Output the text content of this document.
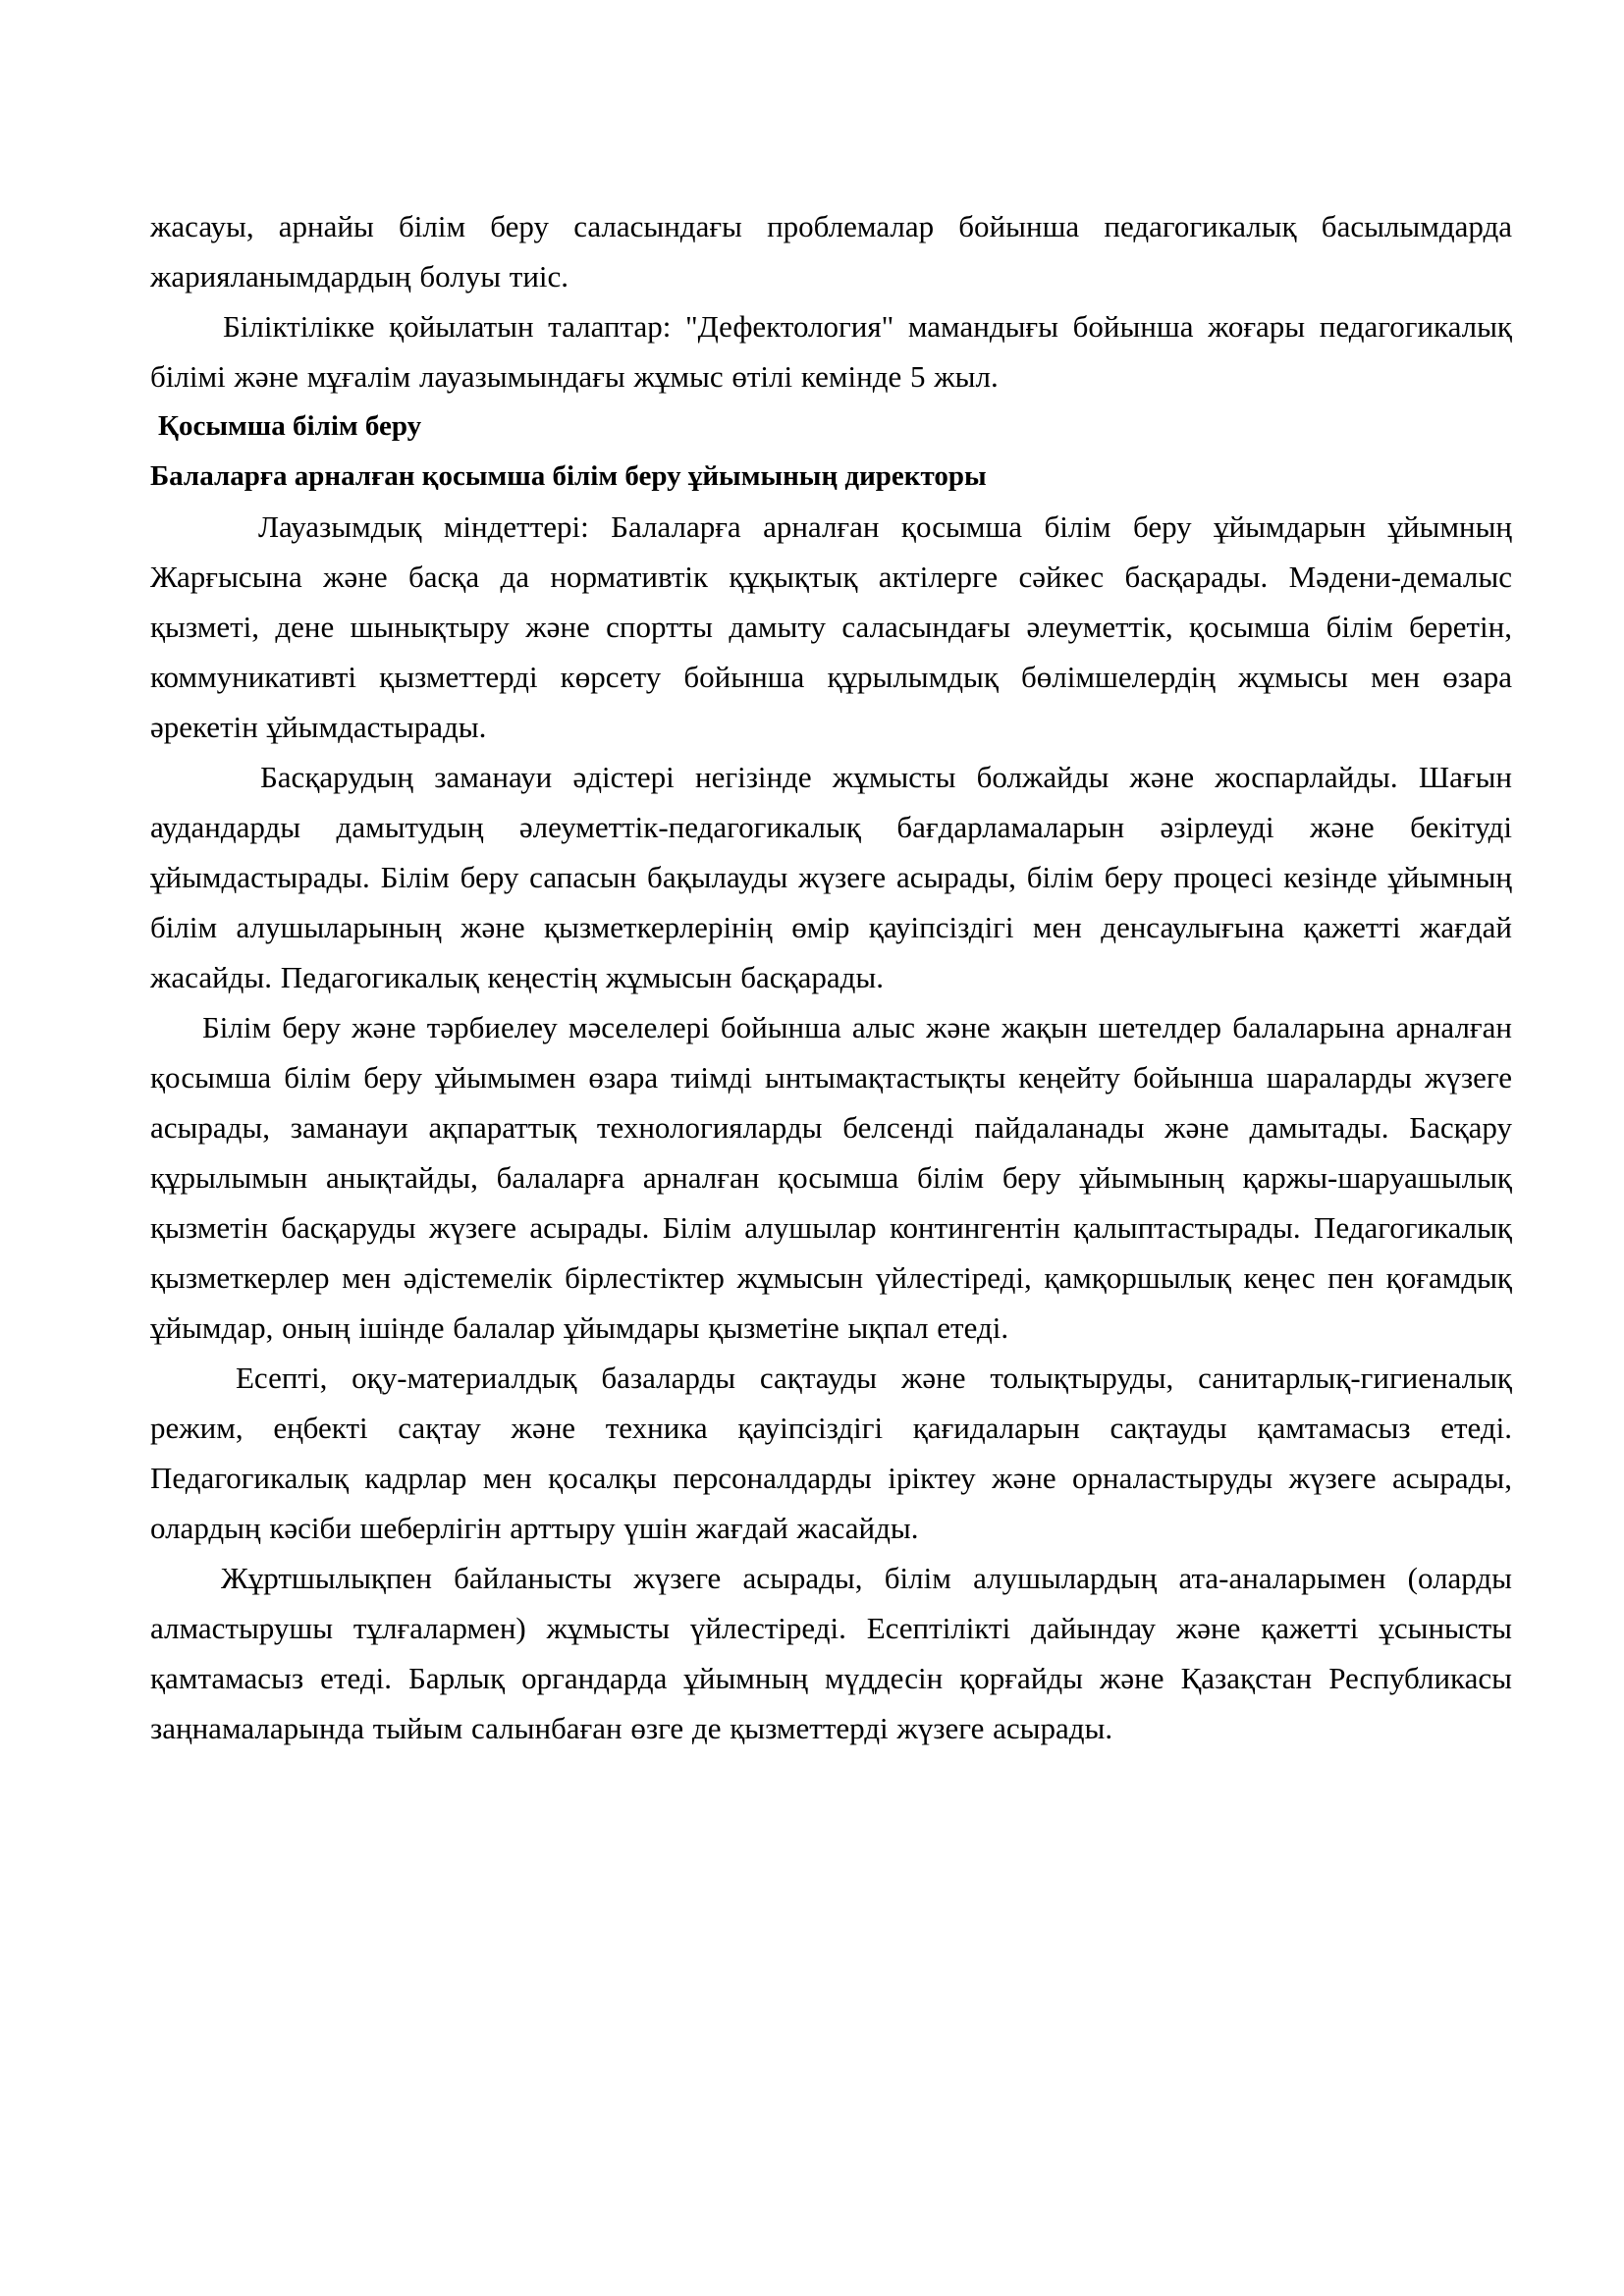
жасауы, арнайы білім беру саласындағы проблемалар бойынша педагогикалық басылымдарда жарияланымдардың болуы тиіс.

Біліктілікке қойылатын талаптар: "Дефектология" мамандығы бойынша жоғары педагогикалық білімі және мұғалім лауазымындағы жұмыс өтілі кемінде 5 жыл.

Қосымша білім беру

Балаларға арналған қосымша білім беру ұйымының директоры

Лауазымдық міндеттері: Балаларға арналған қосымша білім беру ұйымдарын ұйымның Жарғысына және басқа да нормативтік құқықтық актілерге сәйкес басқарады. Мәдени-демалыс қызметі, дене шынықтыру және спортты дамыту саласындағы әлеуметтік, қосымша білім беретін, коммуникативті қызметтерді көрсету бойынша құрылымдық бөлімшелердің жұмысы мен өзара әрекетін ұйымдастырады.

Басқарудың заманауи әдістері негізінде жұмысты болжайды және жоспарлайды. Шағын аудандарды дамытудың әлеуметтік-педагогикалық бағдарламаларын әзірлеуді және бекітуді ұйымдастырады. Білім беру сапасын бақылауды жүзеге асырады, білім беру процесі кезінде ұйымның білім алушыларының және қызметкерлерінің өмір қауіпсіздігі мен денсаулығына қажетті жағдай жасайды. Педагогикалық кеңестің жұмысын басқарады.

Білім беру және тәрбиелеу мәселелері бойынша алыс және жақын шетелдер балаларына арналған қосымша білім беру ұйымымен өзара тиімді ынтымақтастықты кеңейту бойынша шараларды жүзеге асырады, заманауи ақпараттық технологияларды белсенді пайдаланады және дамытады. Басқару құрылымын анықтайды, балаларға арналған қосымша білім беру ұйымының қаржы-шаруашылық қызметін басқаруды жүзеге асырады. Білім алушылар контингентін қалыптастырады. Педагогикалық қызметкерлер мен әдістемелік бірлестіктер жұмысын үйлестіреді, қамқоршылық кеңес пен қоғамдық ұйымдар, оның ішінде балалар ұйымдары қызметіне ықпал етеді.

Есепті, оқу-материалдық базаларды сақтауды және толықтыруды, санитарлық-гигиеналық режим, еңбекті сақтау және техника қауіпсіздігі қағидаларын сақтауды қамтамасыз етеді. Педагогикалық кадрлар мен қосалқы персоналдарды іріктеу және орналастыруды жүзеге асырады, олардың кәсіби шеберлігін арттыру үшін жағдай жасайды.

Жұртшылықпен байланысты жүзеге асырады, білім алушылардың ата-аналарымен (оларды алмастырушы тұлғалармен) жұмысты үйлестіреді. Есептілікті дайындау және қажетті ұсынысты қамтамасыз етеді. Барлық органдарда ұйымның мүддесін қорғайды және Қазақстан Республикасы заңнамаларында тыйым салынбаған өзге де қызметтерді жүзеге асырады.
